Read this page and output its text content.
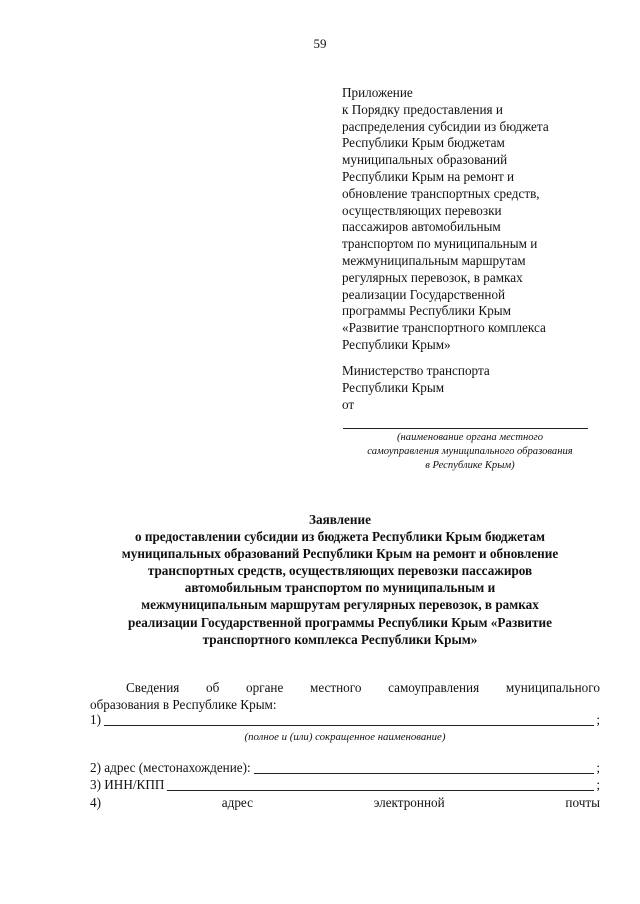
59
Приложение
к Порядку предоставления и
распределения субсидии из бюджета
Республики Крым бюджетам
муниципальных образований
Республики Крым на ремонт и
обновление транспортных средств,
осуществляющих перевозки
пассажиров автомобильным
транспортом по муниципальным и
межмуниципальным маршрутам
регулярных перевозок, в рамках
реализации Государственной
программы Республики Крым
«Развитие транспортного комплекса
Республики Крым»
Министерство транспорта
Республики Крым
от
(наименование органа местного
самоуправления муниципального образования
в Республике Крым)
Заявление
о предоставлении субсидии из бюджета Республики Крым бюджетам
муниципальных образований Республики Крым на ремонт и обновление
транспортных средств, осуществляющих перевозки пассажиров
автомобильным транспортом по муниципальным и
межмуниципальным маршрутам регулярных перевозок, в рамках
реализации Государственной программы Республики Крым «Развитие
транспортного комплекса Республики Крым»
Сведения об органе местного самоуправления муниципального
образования в Республике Крым:
1)	;
(полное и (или) сокращенное наименование)
2) адрес (местонахождение):	;
3) ИНН/КПП	;
4)	адрес	электронной	почты
